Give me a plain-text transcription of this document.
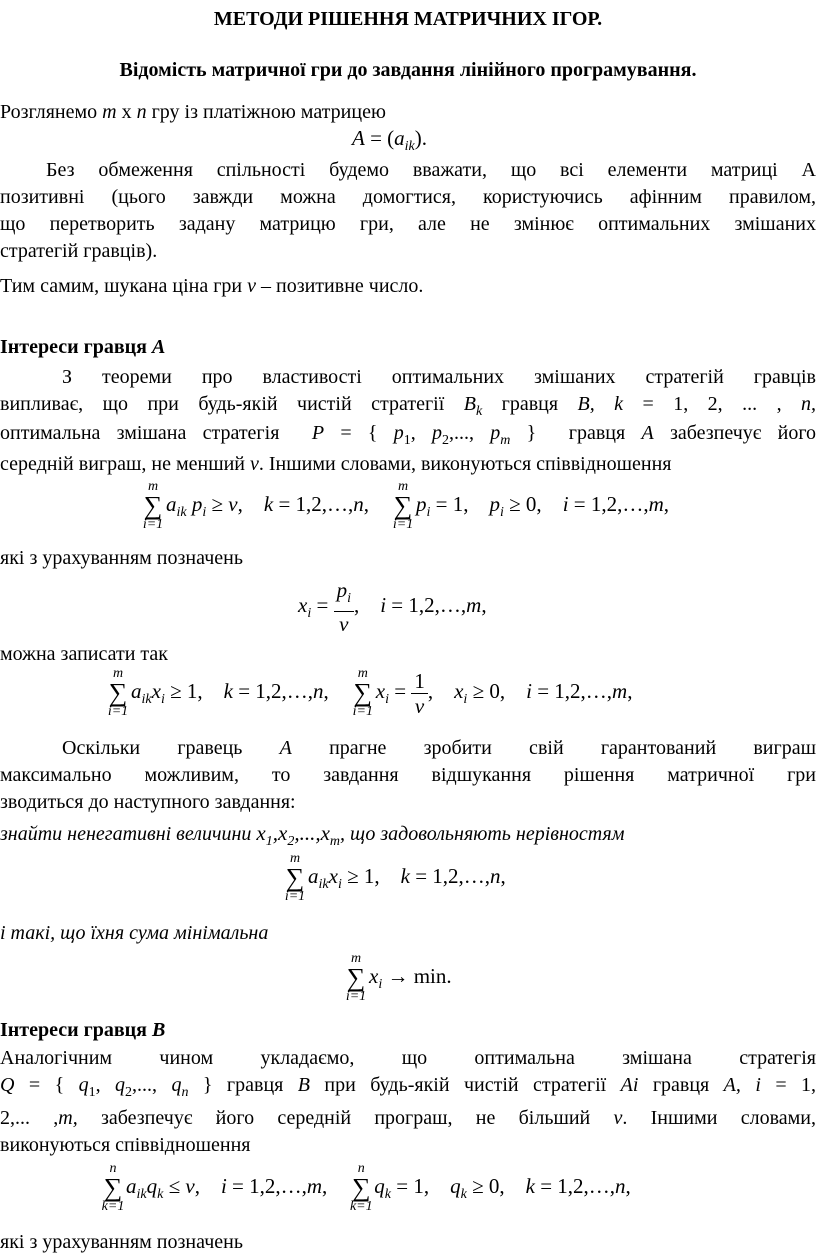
МЕТОДИ РІШЕННЯ МАТРИЧНИХ ІГОР.
Відомість матричної гри до завдання лінійного програмування.
Розглянемо m х n гру із платіжною матрицею
$A = (a_{ik})$.
Без обмеження спільності будемо вважати, що всі елементи матриці А
позитивні (цього завжди можна домогтися, користуючись афінним правилом,
що перетворить задану матрицю гри, але не змінює оптимальних змішаних
стратегій гравців).
Тим самим, шукана ціна гри v – позитивне число.
Інтереси гравця А
З теореми про властивості оптимальних змішаних стратегій гравців
випливає, що при будь-якій чистій стратегії $B_k$ гравця B, k = 1, 2, ... , n,
оптимальна змішана стратегія  P = { $p_1$, $p_2$,..., $p_m$ }  гравця А забезпечує його
середній виграш, не менший v. Іншими словами, виконуються співвідношення
m
∑
i=1
$a_{ik}$ $p_i \ge \nu$,    k = 1,2,…,n,
m
∑
i=1
$p_i = 1$,    $p_i \ge 0$,    i = 1,2,…,m,
які з урахуванням позначень
$x_i = \frac{p_i}{\nu}$ ,    i = 1,2,…,m,
можна записати так
m
∑
i=1
$a_{ik}x_i \ge 1$,    k = 1,2,…,n,
m
∑
i=1
$x_i = \frac{1}{\nu}$ ,    $x_i \ge 0$,    i = 1,2,…,m,
Оскільки гравець А прагне зробити свій гарантований виграш
максимально можливим, то завдання відшукання рішення матричної гри
зводиться до наступного завдання:
знайти ненегативні величини $x_1,x_2,...,x_m$, що задовольняють нерівностям
m
∑
i=1
$a_{ik}x_i \ge 1$,    k = 1,2,…,n,
і такі, що їхня сума мінімальна
m
∑
i=1
$x_i \to \min$.
Інтереси гравця В
Аналогічним чином укладаємо, що оптимальна змішана стратегія
Q = { $q_1$, $q_2$,..., $q_n$ } гравця В при будь-якій чистій стратегії Ai гравця А, i = 1,
2,... ,m, забезпечує його середній програш, не більший v. Іншими словами,
виконуються співвідношення
n
∑
k=1
$a_{ik}q_k \le \nu$,    i = 1,2,…,m,
n
∑
k=1
$q_k = 1$,    $q_k \ge 0$,    k = 1,2,…,n,
які з урахуванням позначень
